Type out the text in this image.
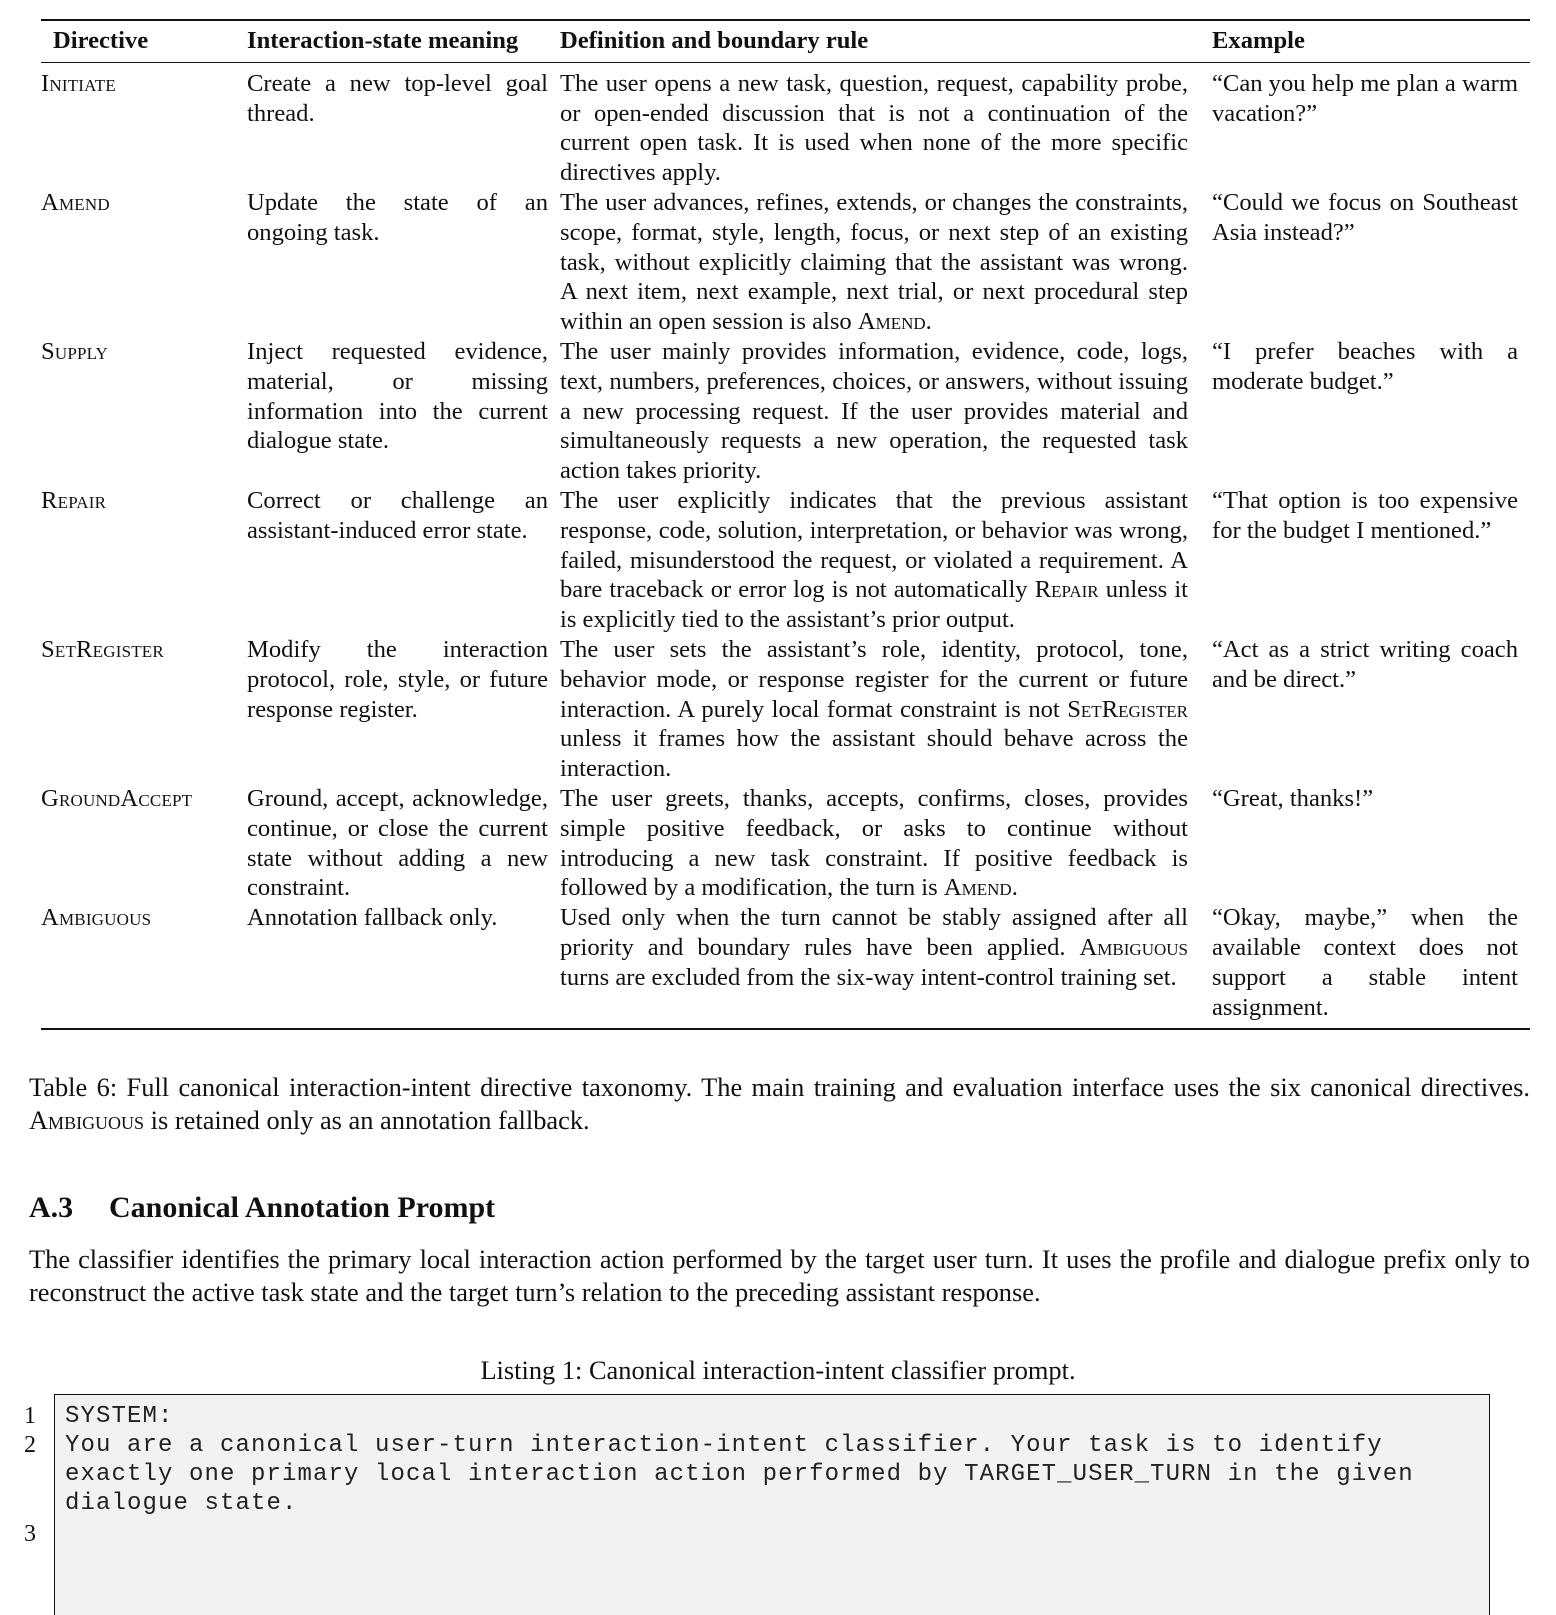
Directive	Interaction-state meaning	Definition and boundary rule	Example
Initiate	Create a new top-level goal thread.	The user opens a new task, question, request, capability probe, or open-ended discussion that is not a continuation of the current open task. It is used when none of the more specific directives apply.	“Can you help me plan a warm vacation?”
Amend	Update the state of an ongoing task.	The user advances, refines, extends, or changes the constraints, scope, format, style, length, focus, or next step of an existing task, without explicitly claiming that the assistant was wrong. A next item, next example, next trial, or next procedural step within an open session is also Amend.	“Could we focus on Southeast Asia instead?”
Supply	Inject requested evidence, material, or missing information into the current dialogue state.	The user mainly provides information, evidence, code, logs, text, numbers, preferences, choices, or answers, without issuing a new processing request. If the user provides material and simultaneously requests a new operation, the requested task action takes priority.	“I prefer beaches with a moderate budget.”
Repair	Correct or challenge an assistant-induced error state.	The user explicitly indicates that the previous assistant response, code, solution, interpretation, or behavior was wrong, failed, misunderstood the request, or violated a requirement. A bare traceback or error log is not automatically Repair unless it is explicitly tied to the assistant’s prior output.	“That option is too expensive for the budget I mentioned.”
SetRegister	Modify the interaction protocol, role, style, or future response register.	The user sets the assistant’s role, identity, protocol, tone, behavior mode, or response register for the current or future interaction. A purely local format constraint is not SetRegister unless it frames how the assistant should behave across the interaction.	“Act as a strict writing coach and be direct.”
GroundAccept	Ground, accept, acknowledge, continue, or close the current state without adding a new constraint.	The user greets, thanks, accepts, confirms, closes, provides simple positive feedback, or asks to continue without introducing a new task constraint. If positive feedback is followed by a modification, the turn is Amend.	“Great, thanks!”
Ambiguous	Annotation fallback only.	Used only when the turn cannot be stably assigned after all priority and boundary rules have been applied. Ambiguous turns are excluded from the six-way intent-control training set.	“Okay, maybe,” when the available context does not support a stable intent assignment.
Table 6: Full canonical interaction-intent directive taxonomy. The main training and evaluation interface uses the six canonical directives. Ambiguous is retained only as an annotation fallback.
A.3 Canonical Annotation Prompt
The classifier identifies the primary local interaction action performed by the target user turn. It uses the profile and dialogue prefix only to reconstruct the active task state and the target turn’s relation to the preceding assistant response.
Listing 1: Canonical interaction-intent classifier prompt.
1
2
3
SYSTEM:
You are a canonical user-turn interaction-intent classifier. Your task is to identify
exactly one primary local interaction action performed by TARGET_USER_TURN in the given
dialogue state.
